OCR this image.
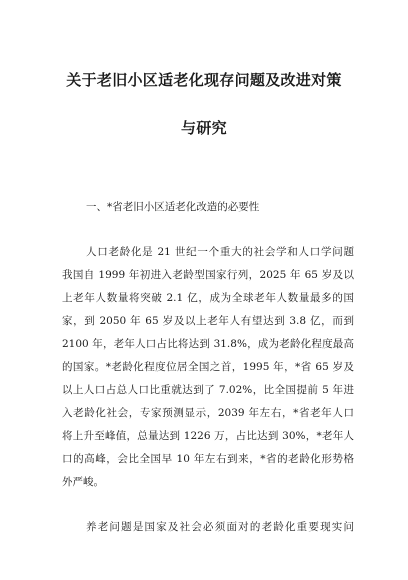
关于老旧小区适老化现存问题及改进对策
与研究

一、*省老旧小区适老化改造的必要性

人口老龄化是 21 世纪一个重大的社会学和人口学问题
我国自 1999 年初进入老龄型国家行列，2025 年 65 岁及以
上老年人数量将突破 2.1 亿，成为全球老年人数量最多的国
家，到 2050 年 65 岁及以上老年人有望达到 3.8 亿，而到
2100 年，老年人口占比将达到 31.8%，成为老龄化程度最高
的国家。*老龄化程度位居全国之首，1995 年，*省 65 岁及
以上人口占总人口比重就达到了 7.02%，比全国提前 5 年进
入老龄化社会，专家预测显示，2039 年左右，*省老年人口
将上升至峰值，总量达到 1226 万，占比达到 30%，*老年人
口的高峰，会比全国早 10 年左右到来，*省的老龄化形势格
外严峻。
养老问题是国家及社会必须面对的老龄化重要现实问
